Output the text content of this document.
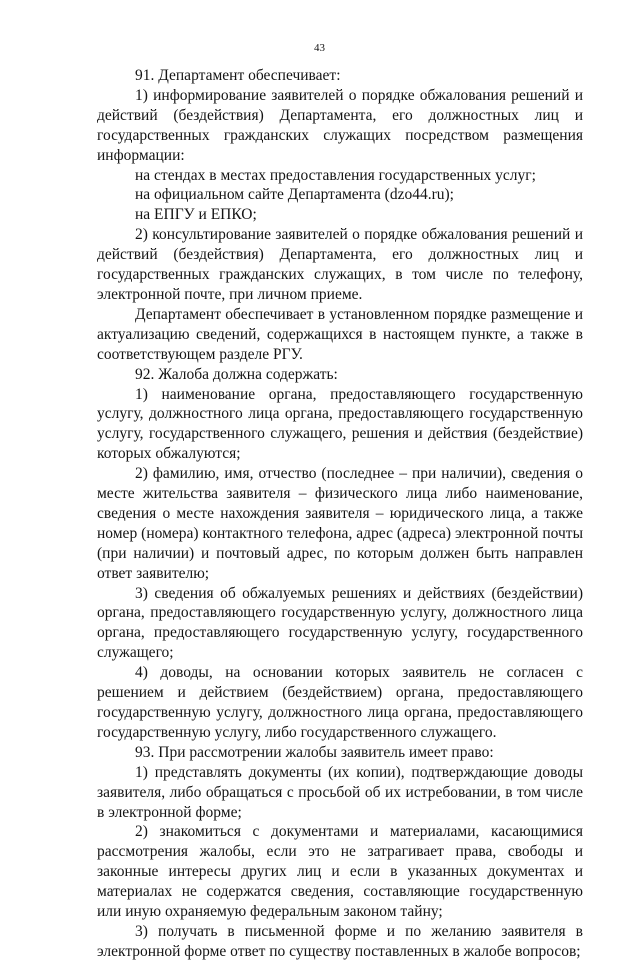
43

91. Департамент обеспечивает:

1) информирование заявителей о порядке обжалования решений и действий (бездействия) Департамента, его должностных лиц и государственных гражданских служащих посредством размещения информации:

на стендах в местах предоставления государственных услуг;

на официальном сайте Департамента (dzo44.ru);

на ЕПГУ и ЕПКО;

2) консультирование заявителей о порядке обжалования решений и действий (бездействия) Департамента, его должностных лиц и государственных гражданских служащих, в том числе по телефону, электронной почте, при личном приеме.

Департамент обеспечивает в установленном порядке размещение и актуализацию сведений, содержащихся в настоящем пункте, а также в соответствующем разделе РГУ.

92. Жалоба должна содержать:

1) наименование органа, предоставляющего государственную услугу, должностного лица органа, предоставляющего государственную услугу, государственного служащего, решения и действия (бездействие) которых обжалуются;

2) фамилию, имя, отчество (последнее – при наличии), сведения о месте жительства заявителя – физического лица либо наименование, сведения о месте нахождения заявителя – юридического лица, а также номер (номера) контактного телефона, адрес (адреса) электронной почты (при наличии) и почтовый адрес, по которым должен быть направлен ответ заявителю;

3) сведения об обжалуемых решениях и действиях (бездействии) органа, предоставляющего государственную услугу, должностного лица органа, предоставляющего государственную услугу, государственного служащего;

4) доводы, на основании которых заявитель не согласен с решением и действием (бездействием) органа, предоставляющего государственную услугу, должностного лица органа, предоставляющего государственную услугу, либо государственного служащего.

93. При рассмотрении жалобы заявитель имеет право:

1) представлять документы (их копии), подтверждающие доводы заявителя, либо обращаться с просьбой об их истребовании, в том числе в электронной форме;

2) знакомиться с документами и материалами, касающимися рассмотрения жалобы, если это не затрагивает права, свободы и законные интересы других лиц и если в указанных документах и материалах не содержатся сведения, составляющие государственную или иную охраняемую федеральным законом тайну;

3) получать в письменной форме и по желанию заявителя в электронной форме ответ по существу поставленных в жалобе вопросов;
